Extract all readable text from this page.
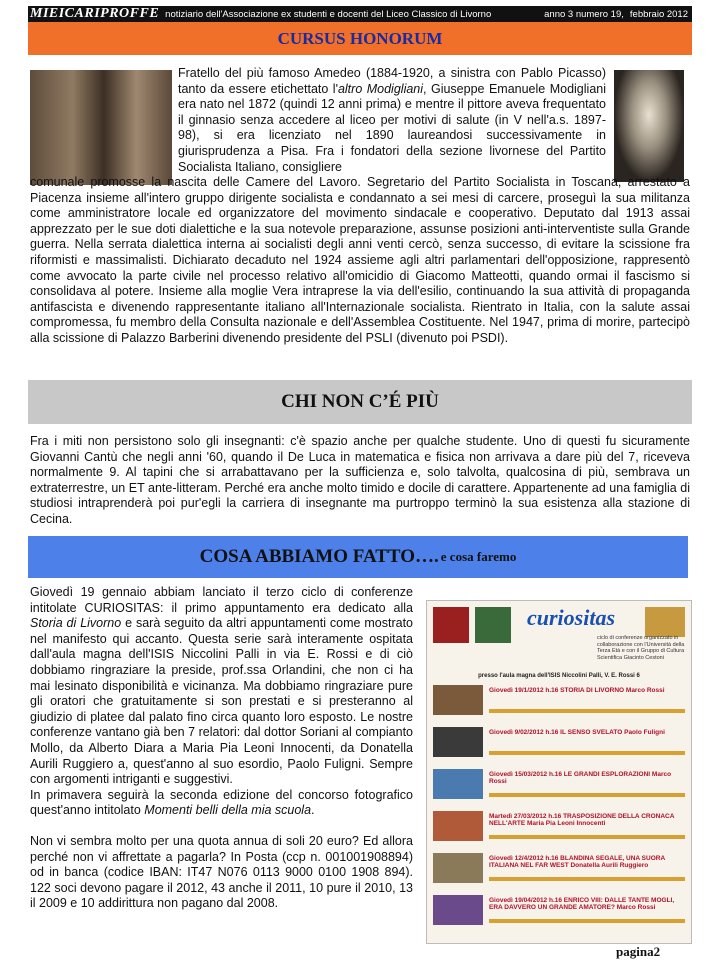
MIEICARIPROFFE notiziario dell'Associazione ex studenti e docenti del Liceo Classico di Livorno	anno 3 numero 19, febbraio 2012
CURSUS HONORUM

Fratello del più famoso Amedeo (1884-1920, a sinistra con Pablo Picasso) tanto da essere etichettato l'altro Modigliani, Giuseppe Emanuele Modigliani era nato nel 1872 (quindi 12 anni prima) e mentre il pittore aveva frequentato il ginnasio senza accedere al liceo per motivi di salute (in V nell'a.s. 1897-98), si era licenziato nel 1890 laureandosi successivamente in giurisprudenza a Pisa. Fra i fondatori della sezione livornese del Partito Socialista Italiano, consigliere

comunale promosse la nascita delle Camere del Lavoro. Segretario del Partito Socialista in Toscana, arrestato a Piacenza insieme all'intero gruppo dirigente socialista e condannato a sei mesi di carcere, proseguì la sua militanza come amministratore locale ed organizzatore del movimento sindacale e cooperativo. Deputato dal 1913 assai apprezzato per le sue doti dialettiche e la sua notevole preparazione, assunse posizioni anti-interventiste sulla Grande guerra. Nella serrata dialettica interna ai socialisti degli anni venti cercò, senza successo, di evitare la scissione fra riformisti e massimalisti. Dichiarato decaduto nel 1924 assieme agli altri parlamentari dell'opposizione, rappresentò come avvocato la parte civile nel processo relativo all'omicidio di Giacomo Matteotti, quando ormai il fascismo si consolidava al potere. Insieme alla moglie Vera intraprese la via dell'esilio, continuando la sua attività di propaganda antifascista e divenendo rappresentante italiano all'Internazionale socialista. Rientrato in Italia, con la salute assai compromessa, fu membro della Consulta nazionale e dell'Assemblea Costituente. Nel 1947, prima di morire, partecipò alla scissione di Palazzo Barberini divenendo presidente del PSLI (divenuto poi PSDI).

CHI NON C’É PIÙ

Fra i miti non persistono solo gli insegnanti: c'è spazio anche per qualche studente. Uno di questi fu sicuramente Giovanni Cantù che negli anni '60, quando il De Luca in matematica e fisica non arrivava a dare più del 7, riceveva normalmente 9. Al tapini che si arrabattavano per la sufficienza e, solo talvolta, qualcosina di più, sembrava un extraterrestre, un ET ante-litteram. Perché era anche molto timido e docile di carattere. Appartenente ad una famiglia di studiosi intraprenderà poi pur'egli la carriera di insegnante ma purtroppo terminò la sua esistenza alla stazione di Cecina.

COSA ABBIAMO FATTO…. e cosa faremo

Giovedì 19 gennaio abbiam lanciato il terzo ciclo di conferenze intitolate CURIOSITAS: il primo appuntamento era dedicato alla Storia di Livorno e sarà seguito da altri appuntamenti come mostrato nel manifesto qui accanto. Questa serie sarà interamente ospitata dall'aula magna dell'ISIS Niccolini Palli in via E. Rossi e di ciò dobbiamo ringraziare la preside, prof.ssa Orlandini, che non ci ha mai lesinato disponibilità e vicinanza. Ma dobbiamo ringraziare pure gli oratori che gratuitamente si son prestati e si presteranno al giudizio di platee dal palato fino circa quanto loro esposto. Le nostre conferenze vantano già ben 7 relatori: dal dottor Soriani al compianto Mollo, da Alberto Diara a Maria Pia Leoni Innocenti, da Donatella Aurili Ruggiero a, quest'anno al suo esordio, Paolo Fuligni. Sempre con argomenti intriganti e suggestivi.

In primavera seguirà la seconda edizione del concorso fotografico quest'anno intitolato Momenti belli della mia scuola.

Non vi sembra molto per una quota annua di soli 20 euro? Ed allora perché non vi affrettate a pagarla? In Posta (ccp n. 001001908894) od in banca (codice IBAN: IT47 N076 0113 9000 0100 1908 894). 122 soci devono pagare il 2012, 43 anche il 2011, 10 pure il 2010, 13 il 2009 e 10 addirittura non pagano dal 2008.

curiositas
ciclo di conferenze organizzato in collaborazione con l'Università della Terza Età e con il Gruppo di Cultura Scientifica Giacinto Cestoni
presso l'aula magna dell'ISIS Niccolini Palli, V. E. Rossi 6
Giovedì 19/1/2012 h.16 STORIA DI LIVORNO Marco Rossi
Giovedì 9/02/2012 h.16 IL SENSO SVELATO Paolo Fuligni
Giovedì 15/03/2012 h.16 LE GRANDI ESPLORAZIONI Marco Rossi
Martedì 27/03/2012 h.16 TRASPOSIZIONE DELLA CRONACA NELL'ARTE Maria Pia Leoni Innocenti
Giovedì 12/4/2012 h.16 BLANDINA SEGALE, UNA SUORA ITALIANA NEL FAR WEST Donatella Aurili Ruggiero
Giovedì 19/04/2012 h.16 ENRICO VIII: DALLE TANTE MOGLI, ERA DAVVERO UN GRANDE AMATORE? Marco Rossi
pagina2
